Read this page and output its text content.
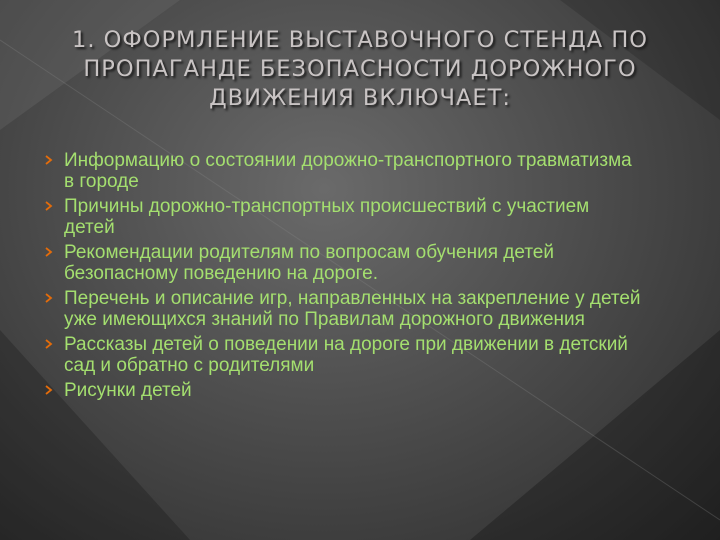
1. ОФОРМЛЕНИЕ ВЫСТАВОЧНОГО СТЕНДА ПО ПРОПАГАНДЕ БЕЗОПАСНОСТИ ДОРОЖНОГО ДВИЖЕНИЯ ВКЛЮЧАЕТ:
Информацию о состоянии дорожно-транспортного травматизма в городе
Причины дорожно-транспортных происшествий с участием детей
Рекомендации родителям по вопросам обучения детей безопасному поведению на дороге.
Перечень и описание игр, направленных на закрепление у детей уже имеющихся знаний по Правилам дорожного движения
Рассказы детей о поведении на дороге при движении в детский сад и обратно с родителями
Рисунки детей
